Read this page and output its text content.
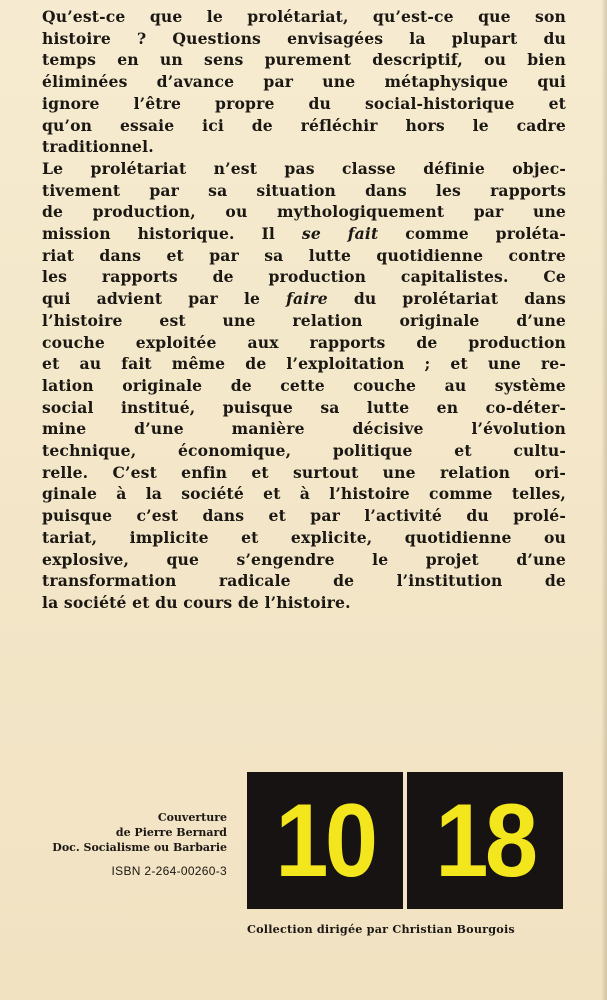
Qu’est-ce que le prolétariat, qu’est-ce que son
histoire ? Questions envisagées la plupart du
temps en un sens purement descriptif, ou bien
éliminées d’avance par une métaphysique qui
ignore l’être propre du social-historique et
qu’on essaie ici de réfléchir hors le cadre
traditionnel.
Le prolétariat n’est pas classe définie objec-
tivement par sa situation dans les rapports
de production, ou mythologiquement par une
mission historique. Il se fait comme proléta-
riat dans et par sa lutte quotidienne contre
les rapports de production capitalistes. Ce
qui advient par le faire du prolétariat dans
l’histoire est une relation originale d’une
couche exploitée aux rapports de production
et au fait même de l’exploitation ; et une re-
lation originale de cette couche au système
social institué, puisque sa lutte en co-déter-
mine d’une manière décisive l’évolution
technique, économique, politique et cultu-
relle. C’est enfin et surtout une relation ori-
ginale à la société et à l’histoire comme telles,
puisque c’est dans et par l’activité du prolé-
tariat, implicite et explicite, quotidienne ou
explosive, que s’engendre le projet d’une
transformation radicale de l’institution de
la société et du cours de l’histoire.
Couverture
de Pierre Bernard
Doc. Socialisme ou Barbarie
ISBN 2-264-00260-3 10 18
Collection dirigée par Christian Bourgois
